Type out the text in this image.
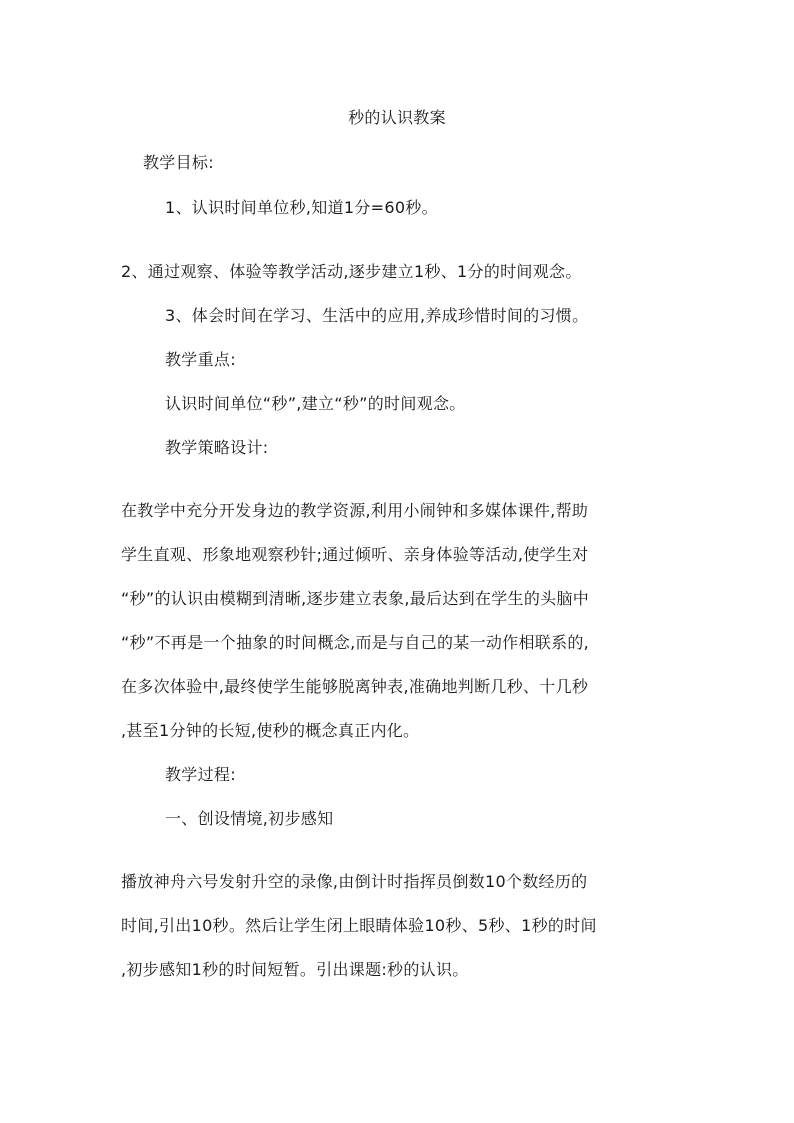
秒的认识教案
教学目标:
1、认识时间单位秒,知道1分=60秒。
2、通过观察、体验等教学活动,逐步建立1秒、1分的时间观念。
3、体会时间在学习、生活中的应用,养成珍惜时间的习惯。
教学重点:
认识时间单位“秒”,建立“秒”的时间观念。
教学策略设计:
在教学中充分开发身边的教学资源,利用小闹钟和多媒体课件,帮助
学生直观、形象地观察秒针;通过倾听、亲身体验等活动,使学生对
“秒”的认识由模糊到清晰,逐步建立表象,最后达到在学生的头脑中
“秒”不再是一个抽象的时间概念,而是与自己的某一动作相联系的,
在多次体验中,最终使学生能够脱离钟表,准确地判断几秒、十几秒
,甚至1分钟的长短,使秒的概念真正内化。
教学过程:
一、创设情境,初步感知
播放神舟六号发射升空的录像,由倒计时指挥员倒数10个数经历的
时间,引出10秒。然后让学生闭上眼睛体验10秒、5秒、1秒的时间
,初步感知1秒的时间短暂。引出课题:秒的认识。
